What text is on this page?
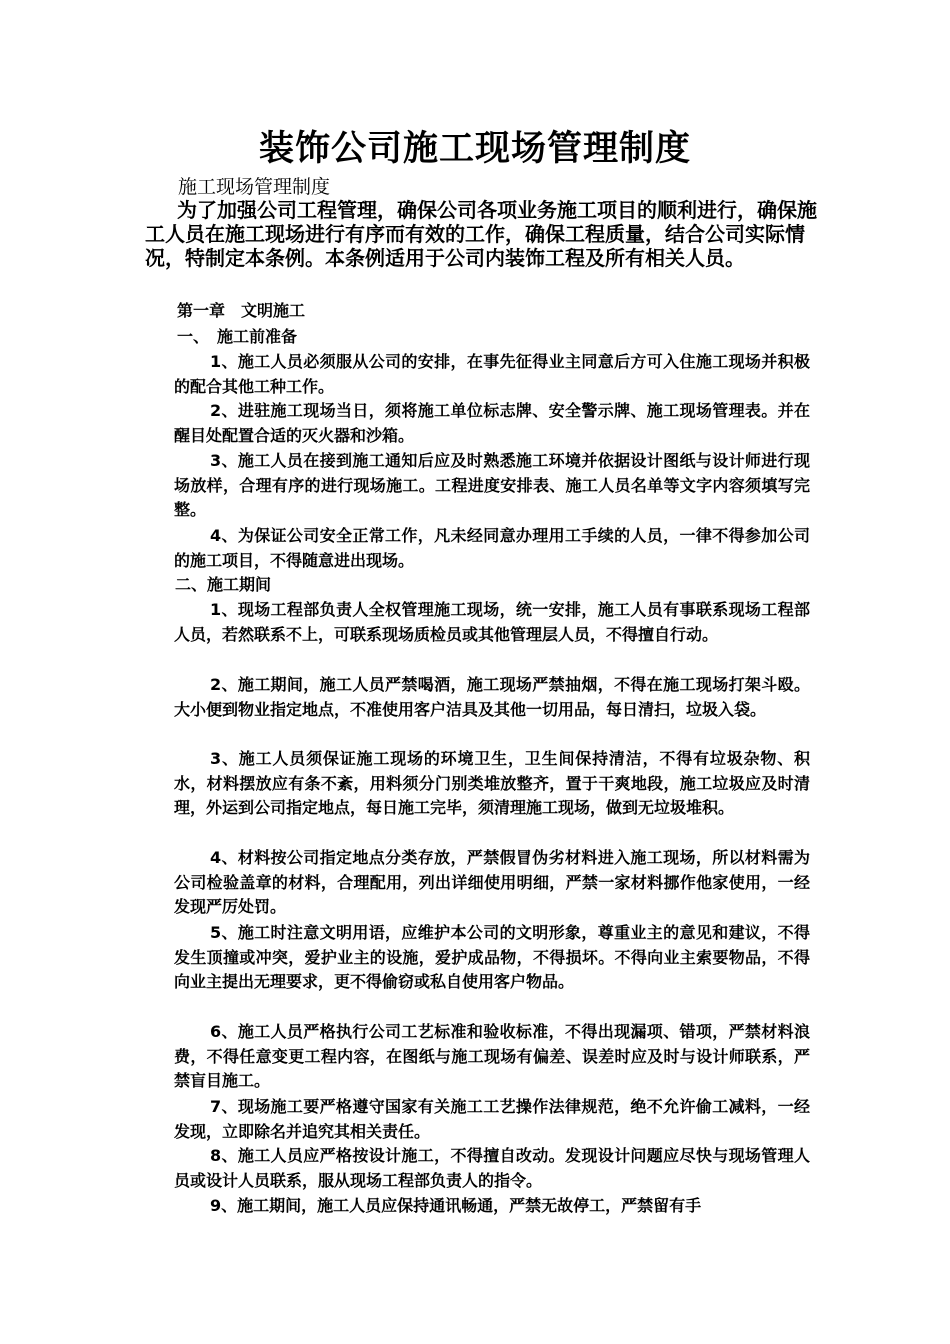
装饰公司施工现场管理制度
施工现场管理制度

为了加强公司工程管理，确保公司各项业务施工项目的顺利进行，确保施工人员在施工现场进行有序而有效的工作，确保工程质量，结合公司实际情况，特制定本条例。本条例适用于公司内装饰工程及所有相关人员。

第一章　文明施工
一、　施工前准备

1、施工人员必须服从公司的安排，在事先征得业主同意后方可入住施工现场并积极的配合其他工种工作。

2、进驻施工现场当日，须将施工单位标志牌、安全警示牌、施工现场管理表。并在醒目处配置合适的灭火器和沙箱。

3、施工人员在接到施工通知后应及时熟悉施工环境并依据设计图纸与设计师进行现场放样，合理有序的进行现场施工。工程进度安排表、施工人员名单等文字内容须填写完整。

4、为保证公司安全正常工作，凡未经同意办理用工手续的人员，一律不得参加公司的施工项目，不得随意进出现场。

二、施工期间

1、现场工程部负责人全权管理施工现场，统一安排，施工人员有事联系现场工程部人员，若然联系不上，可联系现场质检员或其他管理层人员，不得擅自行动。

2、施工期间，施工人员严禁喝酒，施工现场严禁抽烟，不得在施工现场打架斗殴。大小便到物业指定地点，不准使用客户洁具及其他一切用品，每日清扫，垃圾入袋。

3、施工人员须保证施工现场的环境卫生，卫生间保持清洁，不得有垃圾杂物、积水，材料摆放应有条不紊，用料须分门别类堆放整齐，置于干爽地段，施工垃圾应及时清理，外运到公司指定地点，每日施工完毕，须清理施工现场，做到无垃圾堆积。

4、材料按公司指定地点分类存放，严禁假冒伪劣材料进入施工现场，所以材料需为公司检验盖章的材料，合理配用，列出详细使用明细，严禁一家材料挪作他家使用，一经发现严厉处罚。

5、施工时注意文明用语，应维护本公司的文明形象，尊重业主的意见和建议，不得发生顶撞或冲突，爱护业主的设施，爱护成品物，不得损坏。不得向业主索要物品，不得向业主提出无理要求，更不得偷窃或私自使用客户物品。

6、施工人员严格执行公司工艺标准和验收标准，不得出现漏项、错项，严禁材料浪费，不得任意变更工程内容，在图纸与施工现场有偏差、误差时应及时与设计师联系，严禁盲目施工。

7、现场施工要严格遵守国家有关施工工艺操作法律规范，绝不允许偷工减料，一经发现，立即除名并追究其相关责任。

8、施工人员应严格按设计施工，不得擅自改动。发现设计问题应尽快与现场管理人员或设计人员联系，服从现场工程部负责人的指令。

9、施工期间，施工人员应保持通讯畅通，严禁无故停工，严禁留有手
